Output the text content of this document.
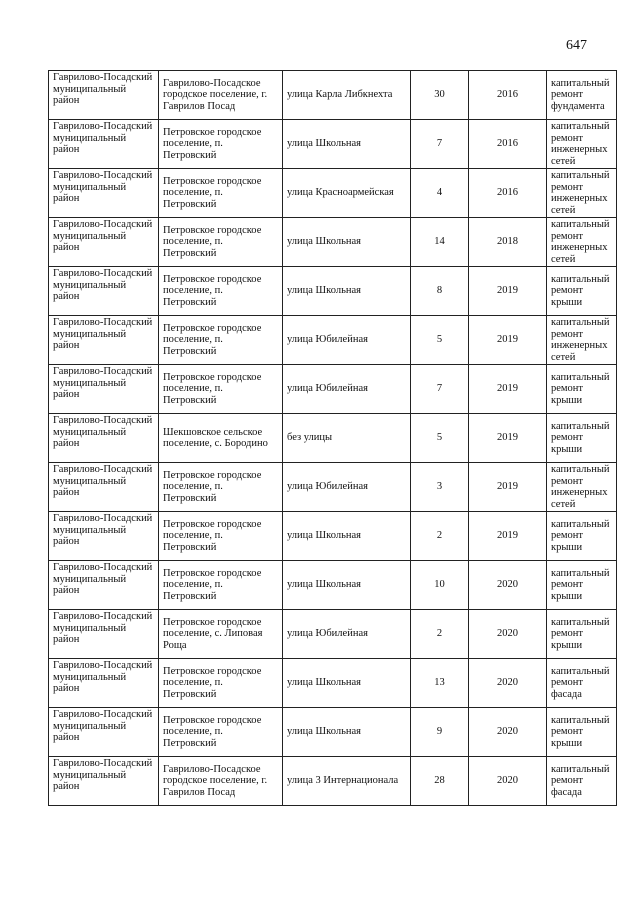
647
Гаврилово-Посадский муниципальный район	Гаврилово-Посадское городское поселение, г. Гаврилов Посад	улица Карла Либкнехта	30	2016	капитальный ремонт фундамента
Гаврилово-Посадский муниципальный район	Петровское городское поселение, п. Петровский	улица Школьная	7	2016	капитальный ремонт инженерных сетей
Гаврилово-Посадский муниципальный район	Петровское городское поселение, п. Петровский	улица Красноармейская	4	2016	капитальный ремонт инженерных сетей
Гаврилово-Посадский муниципальный район	Петровское городское поселение, п. Петровский	улица Школьная	14	2018	капитальный ремонт инженерных сетей
Гаврилово-Посадский муниципальный район	Петровское городское поселение, п. Петровский	улица Школьная	8	2019	капитальный ремонт крыши
Гаврилово-Посадский муниципальный район	Петровское городское поселение, п. Петровский	улица Юбилейная	5	2019	капитальный ремонт инженерных сетей
Гаврилово-Посадский муниципальный район	Петровское городское поселение, п. Петровский	улица Юбилейная	7	2019	капитальный ремонт крыши
Гаврилово-Посадский муниципальный район	Шекшовское сельское поселение, с. Бородино	без улицы	5	2019	капитальный ремонт крыши
Гаврилово-Посадский муниципальный район	Петровское городское поселение, п. Петровский	улица Юбилейная	3	2019	капитальный ремонт инженерных сетей
Гаврилово-Посадский муниципальный район	Петровское городское поселение, п. Петровский	улица Школьная	2	2019	капитальный ремонт крыши
Гаврилово-Посадский муниципальный район	Петровское городское поселение, п. Петровский	улица Школьная	10	2020	капитальный ремонт крыши
Гаврилово-Посадский муниципальный район	Петровское городское поселение, с. Липовая Роща	улица Юбилейная	2	2020	капитальный ремонт крыши
Гаврилово-Посадский муниципальный район	Петровское городское поселение, п. Петровский	улица Школьная	13	2020	капитальный ремонт фасада
Гаврилово-Посадский муниципальный район	Петровское городское поселение, п. Петровский	улица Школьная	9	2020	капитальный ремонт крыши
Гаврилово-Посадский муниципальный район	Гаврилово-Посадское городское поселение, г. Гаврилов Посад	улица 3 Интернационала	28	2020	капитальный ремонт фасада
